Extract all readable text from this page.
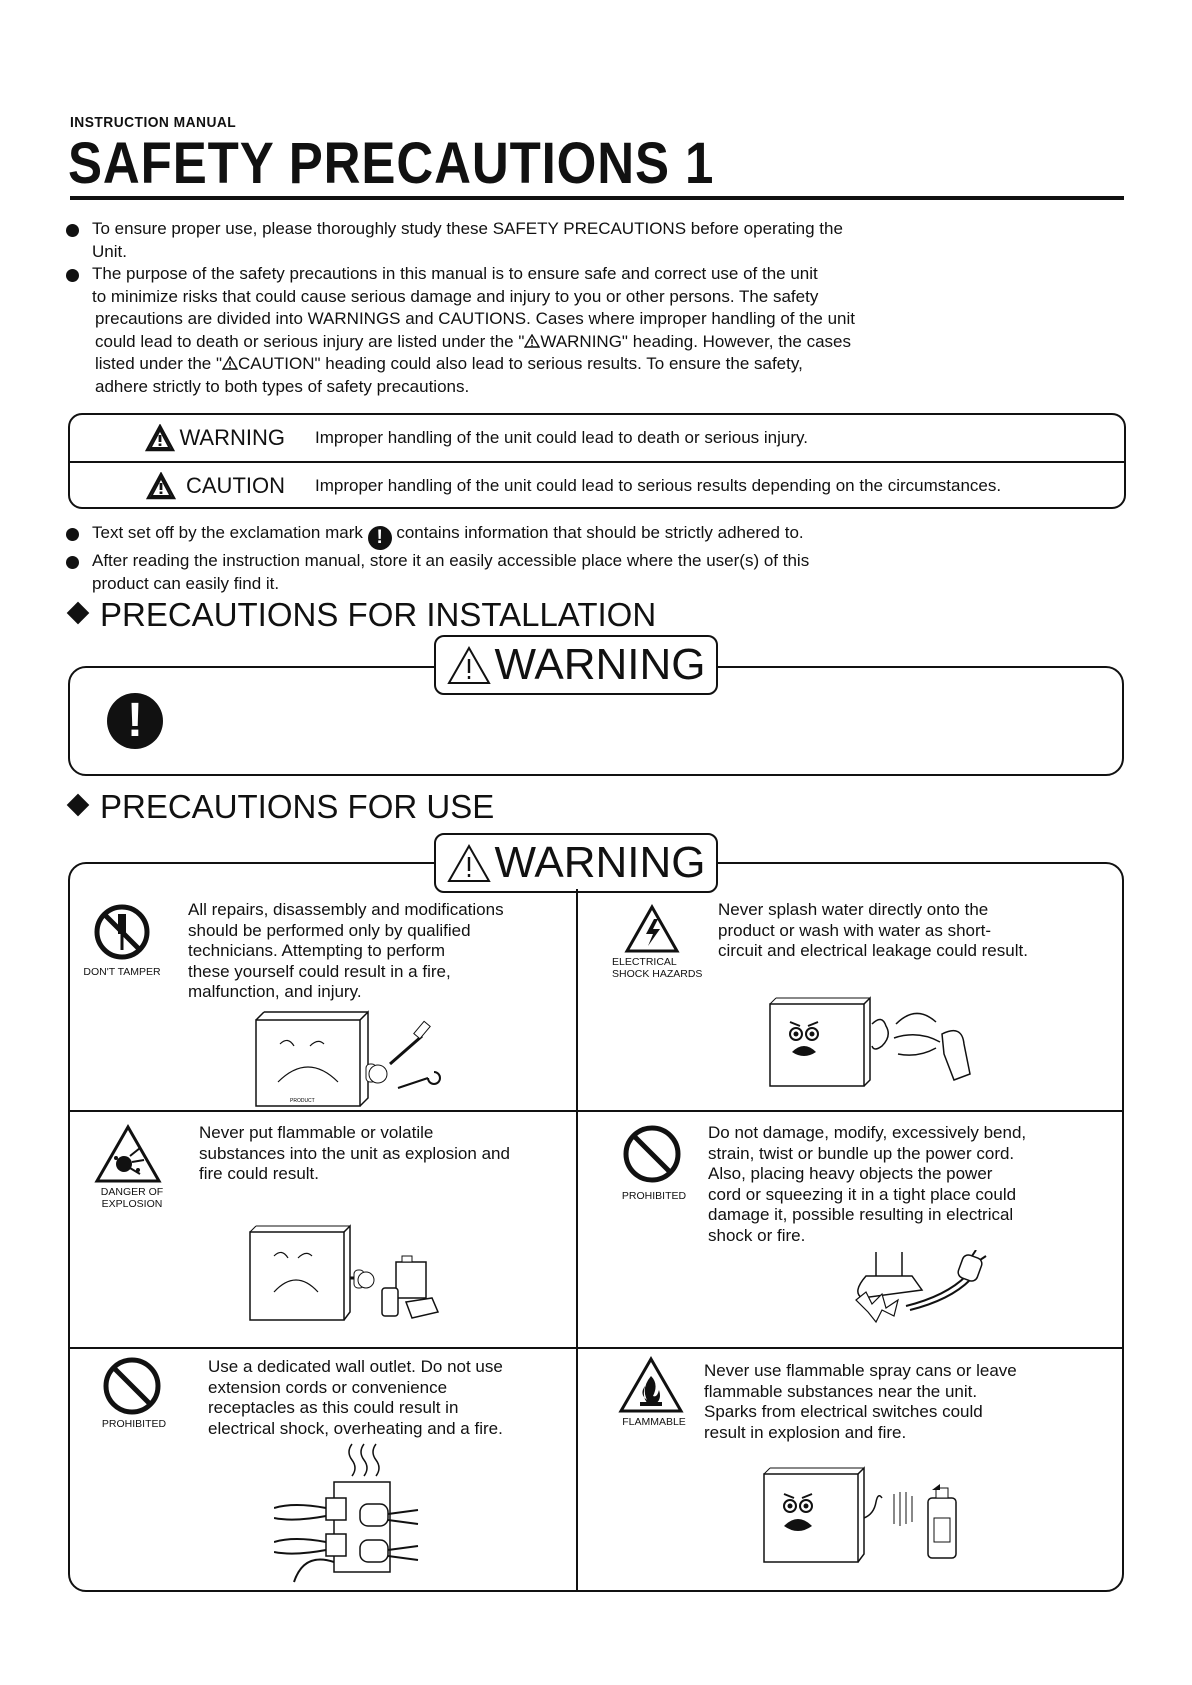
INSTRUCTION MANUAL
SAFETY PRECAUTIONS 1
To ensure proper use, please thoroughly study these SAFETY PRECAUTIONS before operating the
Unit.
The purpose of the safety precautions in this manual is to ensure safe and correct use of the unit
to minimize risks that could cause serious damage and injury to you or other persons. The safety
precautions are divided into WARNINGS and CAUTIONS. Cases where improper handling of the unit
could lead to death or serious injury are listed under the " WARNING" heading. However, the cases
listed under the " CAUTION" heading could also lead to serious results. To ensure the safety,
adhere strictly to both types of safety precautions.
WARNING Improper handling of the unit could lead to death or serious injury.
CAUTION Improper handling of the unit could lead to serious results depending on the circumstances.
Text set off by the exclamation mark ! contains information that should be strictly adhered to.
After reading the instruction manual, store it an easily accessible place where the user(s) of this
product can easily find it.
PRECAUTIONS FOR INSTALLATION
WARNING
!
PRECAUTIONS FOR USE
WARNING
DON'T TAMPER
All repairs, disassembly and modifications
should be performed only by qualified
technicians. Attempting to perform
these yourself could result in a fire,
malfunction, and injury.
PRODUCT
ELECTRICAL
SHOCK HAZARDS
Never splash water directly onto the
product or wash with water as short-
circuit and electrical leakage could result.
DANGER OF
EXPLOSION
Never put flammable or volatile
substances into the unit as explosion and
fire could result.
PROHIBITED
Do not damage, modify, excessively bend,
strain, twist or bundle up the power cord.
Also, placing heavy objects the power
cord or squeezing it in a tight place could
damage it, possible resulting in electrical
shock or fire.
PROHIBITED
Use a dedicated wall outlet. Do not use
extension cords or convenience
receptacles as this could result in
electrical shock, overheating and a fire.	FLAMMABLE
Never use flammable spray cans or leave
flammable substances near the unit.
Sparks from electrical switches could
result in explosion and fire.
